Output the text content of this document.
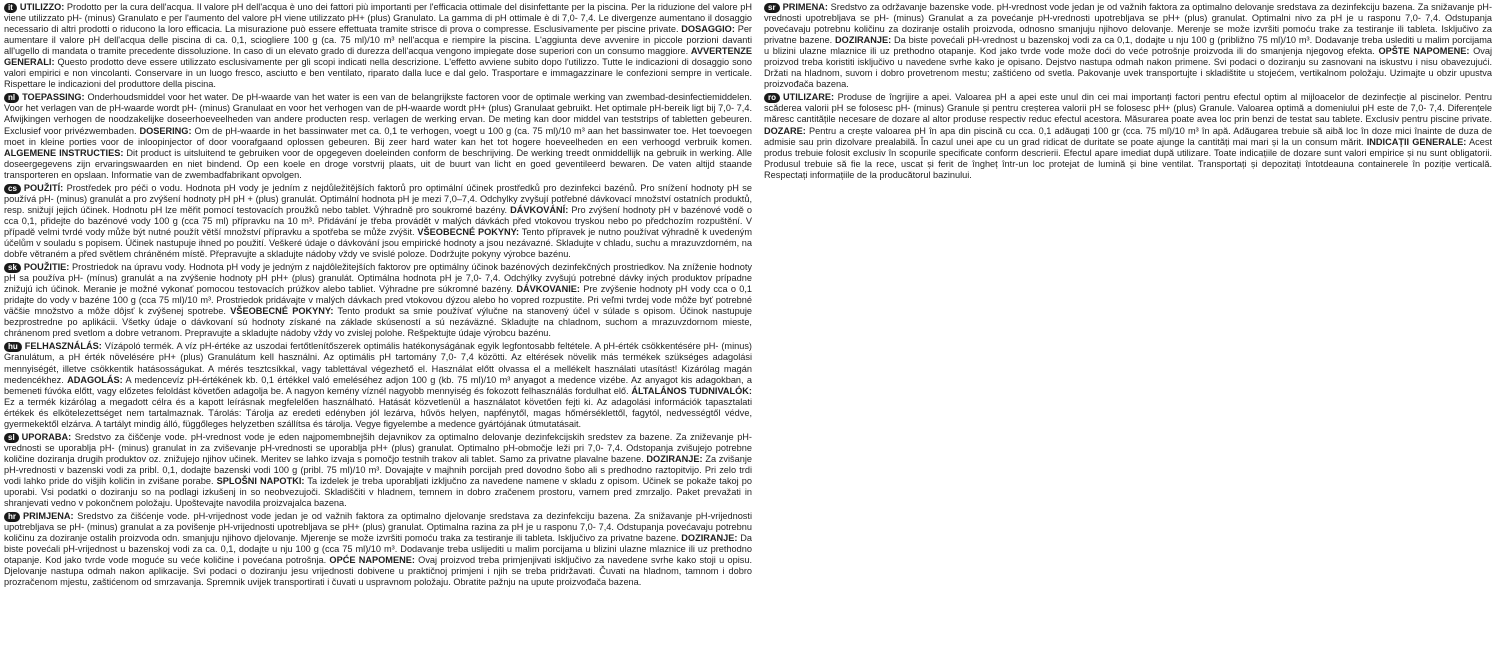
it UTILIZZO: Prodotto per la cura dell'acqua. Il valore pH dell'acqua è uno dei fattori più importanti per l'efficacia ottimale del disinfettante per la piscina. Per la riduzione del valore pH viene utilizzato pH- (minus) Granulato e per l'aumento del valore pH viene utilizzato pH+ (plus) Granulato. La gamma di pH ottimale è di 7,0- 7,4. Le divergenze aumentano il dosaggio necessario di altri prodotti o riducono la loro efficacia. La misurazione può essere effettuata tramite strisce di prova o compresse. Esclusivamente per piscine private. DOSAGGIO: Per aumentare il valore pH dell'acqua delle piscina di ca. 0,1, sciogliere 100 g (ca. 75 ml)/10 m³ nell'acqua e riempire la piscina. L'aggiunta deve avvenire in piccole porzioni davanti all'ugello di mandata o tramite precedente dissoluzione. In caso di un elevato grado di durezza dell'acqua vengono impiegate dose superiori con un consumo maggiore. AVVERTENZE GENERALI: Questo prodotto deve essere utilizzato esclusivamente per gli scopi indicati nella descrizione. L'effetto avviene subito dopo l'utilizzo. Tutte le indicazioni di dosaggio sono valori empirici e non vincolanti. Conservare in un luogo fresco, asciutto e ben ventilato, riparato dalla luce e dal gelo. Trasportare e immagazzinare le confezioni sempre in verticale. Rispettare le indicazioni del produttore della piscina.

nl TOEPASSING: Onderhoudsmiddel voor het water. De pH-waarde van het water is een van de belangrijkste factoren voor de optimale werking van zwembad-desinfectiemiddelen. Voor het verlagen van de pH-waarde wordt pH- (minus) Granulaat en voor het verhogen van de pH-waarde wordt pH+ (plus) Granulaat gebruikt. Het optimale pH-bereik ligt bij 7,0- 7,4. Afwijkingen verhogen de noodzakelijke doseerhoeveelheden van andere producten resp. verlagen de werking ervan. De meting kan door middel van teststrips of tabletten gebeuren. Exclusief voor privézwembaden. DOSERING: Om de pH-waarde in het bassinwater met ca. 0,1 te verhogen, voegt u 100 g (ca. 75 ml)/10 m³ aan het bassinwater toe. Het toevoegen moet in kleine porties voor de inloopinjector of door voorafgaand oplossen gebeuren. Bij zeer hard water kan het tot hogere hoeveelheden en een verhoogd verbruik komen. ALGEMENE INSTRUCTIES: Dit product is uitsluitend te gebruiken voor de opgegeven doeleinden conform de beschrijving. De werking treedt onmiddellijk na gebruik in werking. Alle doseergegevens zijn ervaringswaarden en niet bindend. Op een koele en droge vorstvrij plaats, uit de buurt van licht en goed geventileerd bewaren. De vaten altijd staande transporteren en opslaan. Informatie van de zwembadfabrikant opvolgen.

cs POUŽITÍ: Prostředek pro péči o vodu. Hodnota pH vody je jedním z nejdůležitějších faktorů pro optimální účinek prostředků pro dezinfekci bazénů. Pro snížení hodnoty pH se používá pH- (minus) granulát a pro zvýšení hodnoty pH pH + (plus) granulát. Optimální hodnota pH je mezi 7,0–7,4. Odchylky zvyšují potřebné dávkovací množství ostatních produktů, resp. snižují jejich účinek. Hodnotu pH lze měřit pomocí testovacích proužků nebo tablet. Výhradně pro soukromé bazény. DÁVKOVÁNÍ: Pro zvýšení hodnoty pH v bazénové vodě o cca 0,1, přidejte do bazénové vody 100 g (cca 75 ml) přípravku na 10 m³. Přidávání je třeba provádět v malých dávkách před vtokovou tryskou nebo po předchozím rozpuštění. V případě velmi tvrdé vody může být nutné použít větší množství přípravku a spotřeba se může zvýšit. VŠEOBECNÉ POKYNY: Tento přípravek je nutno používat výhradně k uvedeným účelům v souladu s popisem. Účinek nastupuje ihned po použití. Veškeré údaje o dávkování jsou empirické hodnoty a jsou nezávazné. Skladujte v chladu, suchu a mrazuvzdorném, na dobře větraném a před světlem chráněném místě. Přepravujte a skladujte nádoby vždy ve svislé poloze. Dodržujte pokyny výrobce bazénu.

sk POUŽITIE: Prostriedok na úpravu vody. Hodnota pH vody je jedným z najdôležitejších faktorov pre optimálny účinok bazénových dezinfekčných prostriedkov. Na zníženie hodnoty pH sa používa pH- (mínus) granulát a na zvýšenie hodnoty pH pH+ (plus) granulát. Optimálna hodnota pH je 7,0- 7,4. Odchýlky zvyšujú potrebné dávky iných produktov prípadne znižujú ich účinok. Meranie je možné vykonať pomocou testovacích prúžkov alebo tabliet. Výhradne pre súkromné bazény. DÁVKOVANIE: Pre zvýšenie hodnoty pH vody cca o 0,1 pridajte do vody v bazéne 100 g (cca 75 ml)/10 m³. Prostriedok pridávajte v malých dávkach pred vtokovou dýzou alebo ho vopred rozpustite. Pri veľmi tvrdej vode môže byť potrebné väčšie množstvo a môže dôjsť k zvýšenej spotrebe. VŠEOBECNÉ POKYNY: Tento produkt sa smie používať výlučne na stanovený účel v súlade s opisom. Účinok nastupuje bezprostredne po aplikácii. Všetky údaje o dávkovaní sú hodnoty získané na základe skúseností a sú nezáväzné. Skladujte na chladnom, suchom a mrazuvzdornom mieste, chránenom pred svetlom a dobre vetranom. Prepravujte a skladujte nádoby vždy vo zvislej polohe. Rešpektujte údaje výrobcu bazénu.

hu FELHASZNÁLÁS: Vízápoló termék. A víz pH-értéke az uszodai fertőtlenítőszerek optimális hatékonyságának egyik legfontosabb feltétele. A pH-érték csökkentésére pH- (minus) Granulátum, a pH érték növelésére pH+ (plus) Granulátum kell használni. Az optimális pH tartomány 7,0- 7,4 közötti. Az eltérések növelik más termékek szükséges adagolási mennyiségét, illetve csökkentik hatásosságukat. A mérés tesztcsíkkal, vagy tablettával végezhető el. Használat előtt olvassa el a mellékelt használati utasítást! Kizárólag magán medencékhez. ADAGOLÁS: A medencevíz pH-értékének kb. 0,1 értékkel való emeléséhez adjon 100 g (kb. 75 ml)/10 m³ anyagot a medence vizébe. Az anyagot kis adagokban, a bemeneti fúvóka előtt, vagy előzetes feloldást követően adagolja be. A nagyon kemény víznél nagyobb mennyiség és fokozott felhasználás fordulhat elő. ÁLTALÁNOS TUDNIVALÓK: Ez a termék kizárólag a megadott célra és a kapott leírásnak megfelelően használható. Hatását közvetlenül a használatot követően fejti ki. Az adagolási információk tapasztalati értékek és elkötelezettséget nem tartalmaznak. Tárolás: Tárolja az eredeti edényben jól lezárva, hűvös helyen, napfénytől, magas hőmérséklettől, fagytól, nedvességtől védve, gyermekektől elzárva. A tartályt mindig álló, függőleges helyzetben szállítsa és tárolja. Vegye figyelembe a medence gyártójának útmutatásait.

sl UPORABA: Sredstvo za čiščenje vode. pH-vrednost vode je eden najpomembnejših dejavnikov za optimalno delovanje dezinfekcijskih sredstev za bazene. Za zniževanje pH-vrednosti se uporablja pH- (minus) granulat in za zviševanje pH-vrednosti se uporablja pH+ (plus) granulat. Optimalno pH-območje leži pri 7,0- 7,4. Odstopanja zvišujejo potrebne količine doziranja drugih produktov oz. znižujejo njihov učinek. Meritev se lahko izvaja s pomočjo testnih trakov ali tablet. Samo za privatne plavalne bazene. DOZIRANJE: Za zvišanje pH-vrednosti v bazenski vodi za pribl. 0,1, dodajte bazenski vodi 100 g (pribl. 75 ml)/10 m³. Dovajajte v majhnih porcijah pred dovodno šobo ali s predhodno raztopitvijo. Pri zelo trdi vodi lahko pride do višjih količin in zvišane porabe. SPLOŠNI NAPOTKI: Ta izdelek je treba uporabljati izključno za navedene namene v skladu z opisom. Učinek se pokaže takoj po uporabi. Vsi podatki o doziranju so na podlagi izkušenj in so neobvezujoči. Skladiščiti v hladnem, temnem in dobro zračenem prostoru, varnem pred zmrzaljo. Paket prevažati in shranjevati vedno v pokončnem položaju. Upoštevajte navodila proizvajalca bazena.

hr PRIMJENA: Sredstvo za čišćenje vode. pH-vrijednost vode jedan je od važnih faktora za optimalno djelovanje sredstava za dezinfekciju bazena. Za snižavanje pH-vrijednosti upotrebljava se pH- (minus) granulat a za povišenje pH-vrijednosti upotrebljava se pH+ (plus) granulat. Optimalna razina za pH je u rasponu 7,0- 7,4. Odstupanja povećavaju potrebnu količinu za doziranje ostalih proizvoda odn. smanjuju njihovo djelovanje. Mjerenje se može izvršiti pomoću traka za testiranje ili tableta. Isključivo za privatne bazene. DOZIRANJE: Da biste povećali pH-vrijednost u bazenskoj vodi za ca. 0,1, dodajte u nju 100 g (cca 75 ml)/10 m³. Dodavanje treba uslijediti u malim porcijama u blizini ulazne mlaznice ili uz prethodno otapanje. Kod jako tvrde vode moguće su veće količine i povećana potrošnja. OPĆE NAPOMENE: Ovaj proizvod treba primjenjivati isključivo za navedene svrhe kako stoji u opisu. Djelovanje nastupa odmah nakon aplikacije. Svi podaci o doziranju jesu vrijednosti dobivene u praktičnoj primjeni i njih se treba pridržavati. Čuvati na hladnom, tamnom i dobro prozračenom mjestu, zaštićenom od smrzavanja. Spremnik uvijek transportirati i čuvati u uspravnom položaju. Obratite pažnju na upute proizvođača bazena.

sr PRIMENA: Sredstvo za održavanje bazenske vode. pH-vrednost vode jedan je od važnih faktora za optimalno delovanje sredstava za dezinfekciju bazena. Za snižavanje pH-vrednosti upotrebljava se pH- (minus) Granulat a za povećanje pH-vrednosti upotrebljava se pH+ (plus) granulat. Optimalni nivo za pH je u rasponu 7,0- 7,4. Odstupanja povećavaju potrebnu količinu za doziranje ostalih proizvoda, odnosno smanjuju njihovo delovanje. Merenje se može izvršiti pomoću trake za testiranje ili tableta. Isključivo za privatne bazene. DOZIRANJE: Da biste povećali pH-vrednost u bazenskoj vodi za ca 0,1, dodajte u nju 100 g (približno 75 ml)/10 m³. Dodavanje treba uslediti u malim porcijama u blizini ulazne mlaznice ili uz prethodno otapanje. Kod jako tvrde vode može doći do veće potrošnje proizvoda ili do smanjenja njegovog efekta. OPŠTE NAPOMENE: Ovaj proizvod treba koristiti isključivo u navedene svrhe kako je opisano. Dejstvo nastupa odmah nakon primene. Svi podaci o doziranju su zasnovani na iskustvu i nisu obavezujući. Držati na hladnom, suvom i dobro provetrenom mestu; zaštićeno od svetla. Pakovanje uvek transportujte i skladištite u stojećem, vertikalnom položaju. Uzimajte u obzir upustva proizvođača bazena.

ro UTILIZARE: Produse de îngrijire a apei. Valoarea pH a apei este unul din cei mai importanți factori pentru efectul optim al mijloacelor de dezinfecție al piscinelor. Pentru scăderea valorii pH se folosesc pH- (minus) Granule și pentru creșterea valorii pH se folosesc pH+ (plus) Granule. Valoarea optimă a domeniului pH este de 7,0- 7,4. Diferențele măresc cantitățile necesare de dozare al altor produse respectiv reduc efectul acestora. Măsurarea poate avea loc prin benzi de testat sau tablete. Exclusiv pentru piscine private. DOZARE: Pentru a crește valoarea pH în apa din piscină cu cca. 0,1 adăugați 100 gr (cca. 75 ml)/10 m³ în apă. Adăugarea trebuie să aibă loc în doze mici înainte de duza de admisie sau prin dizolvare prealabilă. În cazul unei ape cu un grad ridicat de duritate se poate ajunge la cantități mai mari și la un consum mărit. INDICAȚII GENERALE: Acest produs trebuie folosit exclusiv în scopurile specificate conform descrierii. Efectul apare imediat după utilizare. Toate indicațiile de dozare sunt valori empirice și nu sunt obligatorii. Produsul trebuie să fie la rece, uscat și ferit de îngheț într-un loc protejat de lumină și bine ventilat. Transportați și depozitați întotdeauna containerele în poziție verticală. Respectați informațiile de la producătorul bazinului.
